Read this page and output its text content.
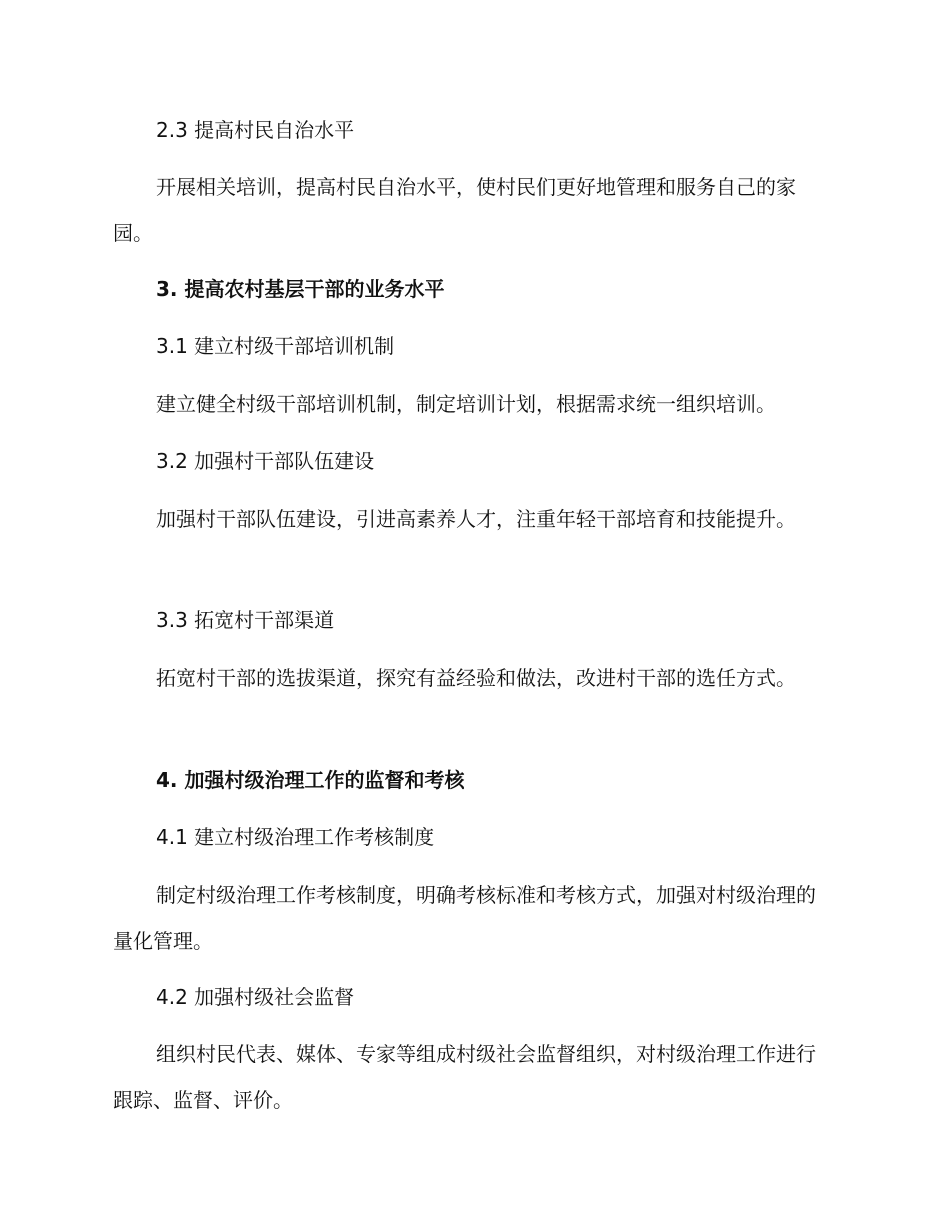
2.3 提高村民自治水平
开展相关培训，提高村民自治水平，使村民们更好地管理和服务自己的家园。
3. 提高农村基层干部的业务水平
3.1 建立村级干部培训机制
建立健全村级干部培训机制，制定培训计划，根据需求统一组织培训。
3.2 加强村干部队伍建设
加强村干部队伍建设，引进高素养人才，注重年轻干部培育和技能提升。
3.3 拓宽村干部渠道
拓宽村干部的选拔渠道，探究有益经验和做法，改进村干部的选任方式。
4. 加强村级治理工作的监督和考核
4.1 建立村级治理工作考核制度
制定村级治理工作考核制度，明确考核标准和考核方式，加强对村级治理的量化管理。
4.2 加强村级社会监督
组织村民代表、媒体、专家等组成村级社会监督组织，对村级治理工作进行跟踪、监督、评价。
